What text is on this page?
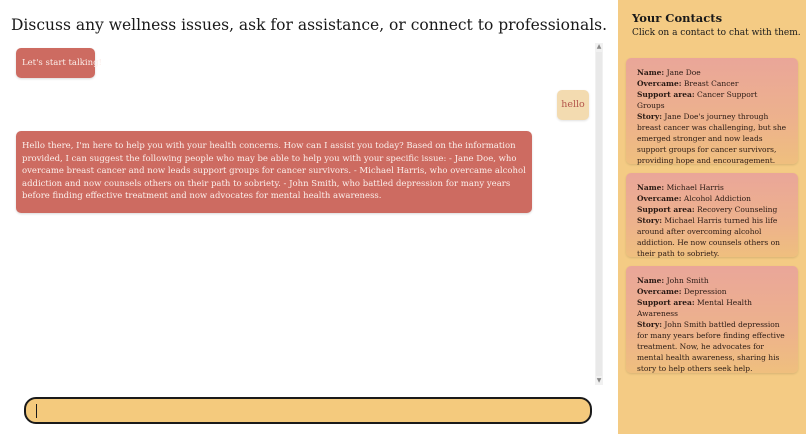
Discuss any wellness issues, ask for assistance, or connect to professionals.
Let's start talking!
hello
Hello there, I'm here to help you with your health concerns. How can I assist you today? Based on the information provided, I can suggest the following people who may be able to help you with your specific issue: - Jane Doe, who overcame breast cancer and now leads support groups for cancer survivors. - Michael Harris, who overcame alcohol addiction and now counsels others on their path to sobriety. - John Smith, who battled depression for many years before finding effective treatment and now advocates for mental health awareness.
▲
▼
Your Contacts
Click on a contact to chat with them.
Name: Jane Doe
Overcame: Breast Cancer
Support area: Cancer Support Groups
Story: Jane Doe's journey through breast cancer was challenging, but she emerged stronger and now leads support groups for cancer survivors, providing hope and encouragement.
Name: Michael Harris
Overcame: Alcohol Addiction
Support area: Recovery Counseling
Story: Michael Harris turned his life around after overcoming alcohol addiction. He now counsels others on their path to sobriety.
Name: John Smith
Overcame: Depression
Support area: Mental Health Awareness
Story: John Smith battled depression for many years before finding effective treatment. Now, he advocates for mental health awareness, sharing his story to help others seek help.
